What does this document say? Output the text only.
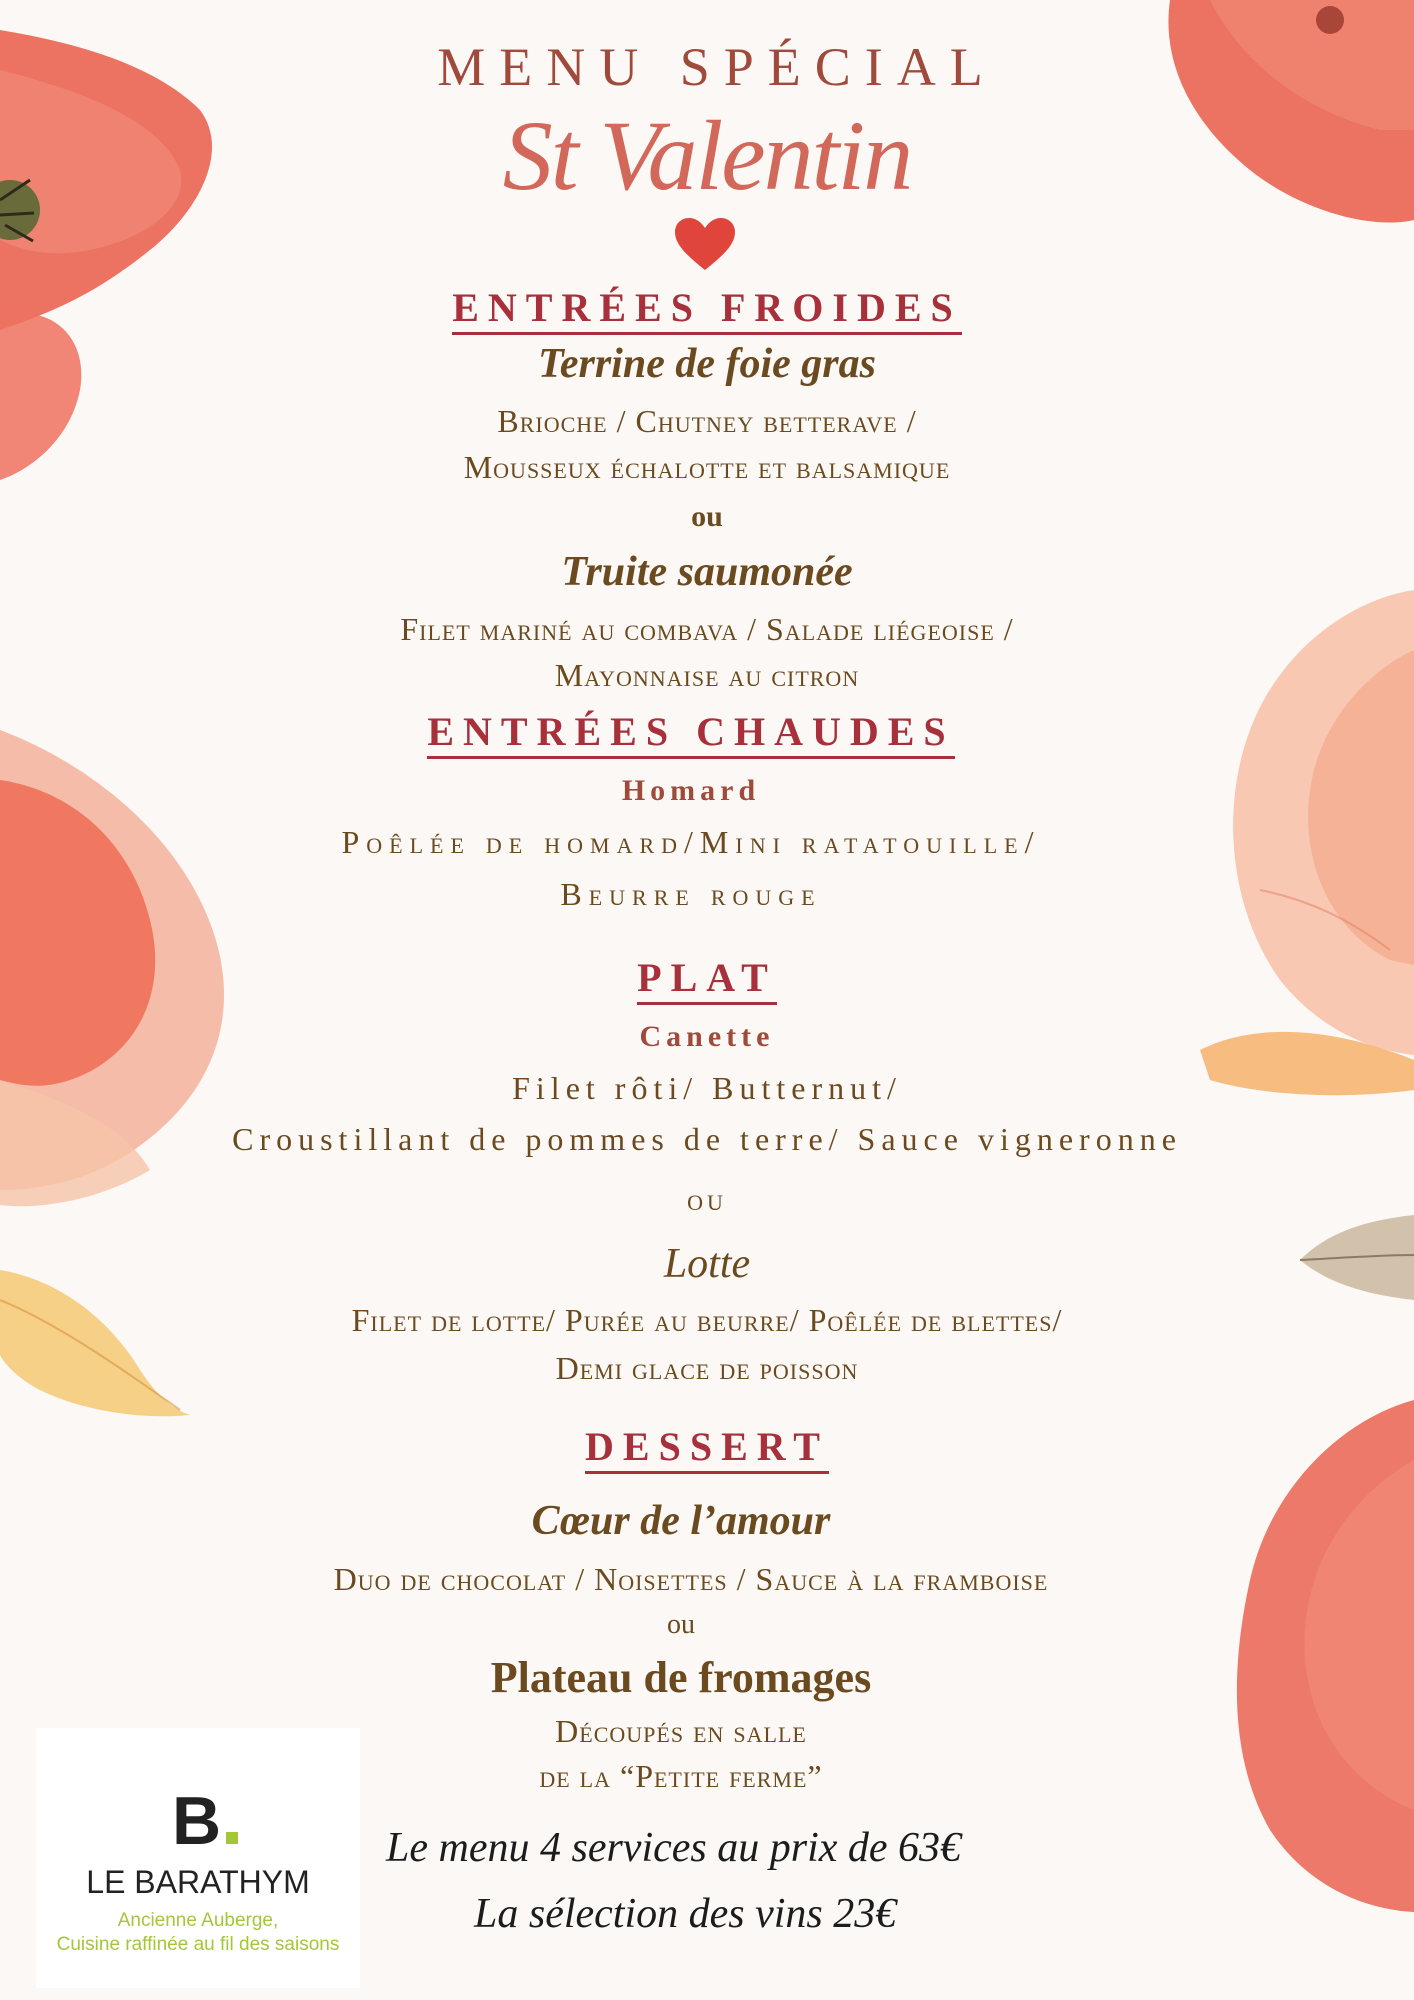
MENU SPÉCIAL
St Valentin
ENTRÉES FROIDES
Terrine de foie gras
Brioche / Chutney betterave /
Mousseux échalotte et balsamique
ou
Truite saumonée
Filet mariné au combava / Salade liégeoise /
Mayonnaise au citron
ENTRÉES CHAUDES
Homard
Poêlée de homard/Mini ratatouille/
Beurre rouge
PLAT
Canette
Filet rôti/ Butternut/
Croustillant de pommes de terre/ Sauce vigneronne
OU
Lotte
Filet de lotte/ Purée au beurre/ Poêlée de blettes/
Demi glace de poisson
DESSERT
Cœur de l’amour
Duo de chocolat / Noisettes / Sauce à la framboise
ou
Plateau de fromages
Découpés en salle
de la “Petite ferme”
Le menu 4 services au prix de 63€
La sélection des vins 23€
B
LE BARATHYM
Ancienne Auberge,
Cuisine raffinée au fil des saisons
